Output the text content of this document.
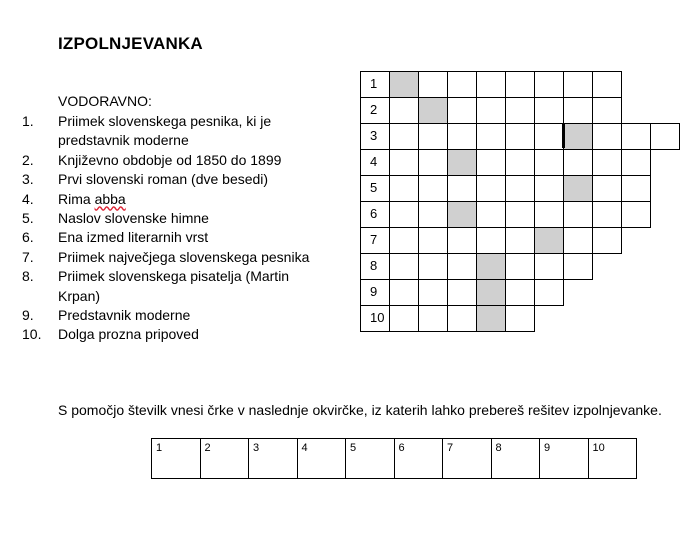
IZPOLNJEVANKA
VODORAVNO:
1. Priimek slovenskega pesnika, ki je predstavnik moderne
2. Književno obdobje od 1850 do 1899
3. Prvi slovenski roman (dve besedi)
4. Rima abba
5. Naslov slovenske himne
6. Ena izmed literarnih vrst
7. Priimek največjega slovenskega pesnika
8. Priimek slovenskega pisatelja (Martin Krpan)
9. Predstavnik moderne
10. Dolga prozna pripoved
1
2
3
4
5
6
7
8
9
10
S pomočjo številk vnesi črke v naslednje okvirčke, iz katerih lahko prebereš rešitev izpolnjevanke.
1	2	3	4	5	6	7	8	9	10
